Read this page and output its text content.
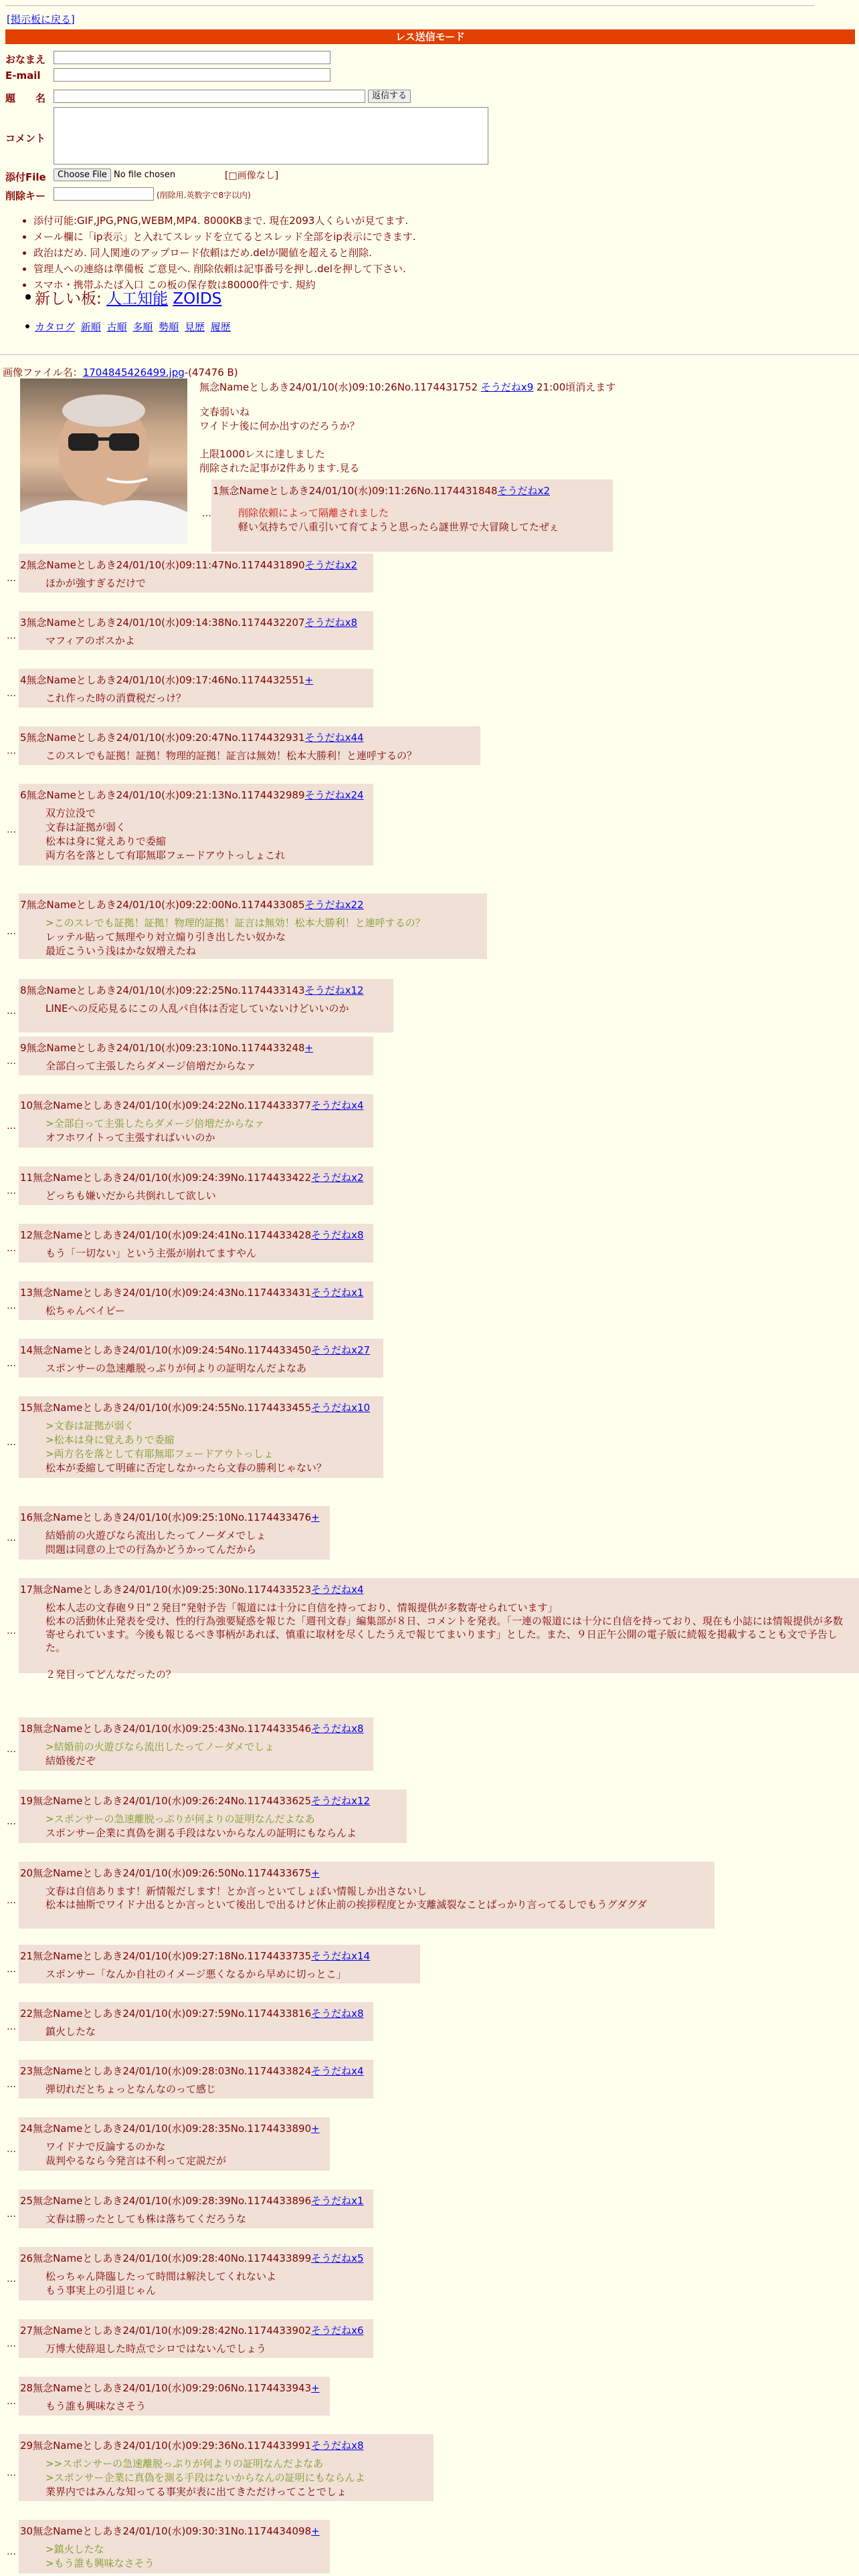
[掲示板に戻る]
レス送信モード
おなまえ
E-mail
題　　名	返信する
コメント
添付File	Choose File No file chosen	[□画像なし]
削除キー	(削除用.英数字で8字以内)
• 添付可能:GIF,JPG,PNG,WEBM,MP4. 8000KBまで. 現在2093人くらいが見てます.
• メール欄に「ip表示」と入れてスレッドを立てるとスレッド全部をip表示にできます.
• 政治はだめ. 同人関連のアップロード依頼はだめ.delが閾値を超えると削除.
• 管理人への連絡は準備板 ご意見へ. 削除依頼は記事番号を押し.delを押して下さい.
• スマホ・携帯ふたば入口 この板の保存数は80000件です. 規約
新しい板: 人工知能 ZOIDS
カタログ 新順 古順 多順 勢順 見歴 履歴
画像ファイル名：1704845426499.jpg-(47476 B)
無念Nameとしあき24/01/10(水)09:10:26No.1174431752 そうだねx9 21:00頃消えます
文春弱いね
ワイドナ後に何か出すのだろうか？
上限1000レスに達しました
削除された記事が2件あります.見る
…
1無念Nameとしあき24/01/10(水)09:11:26No.1174431848そうだねx2
削除依頼によって隔離されました
軽い気持ちで八重引いて育てようと思ったら謎世界で大冒険してたぜぇ
…
2無念Nameとしあき24/01/10(水)09:11:47No.1174431890そうだねx2
ほかが強すぎるだけで
…
3無念Nameとしあき24/01/10(水)09:14:38No.1174432207そうだねx8
マフィアのボスかよ
…
4無念Nameとしあき24/01/10(水)09:17:46No.1174432551+
これ作った時の消費税だっけ？
…
5無念Nameとしあき24/01/10(水)09:20:47No.1174432931そうだねx44
このスレでも証拠！証拠！物理的証拠！証言は無効！松本大勝利！と連呼するの？
…
6無念Nameとしあき24/01/10(水)09:21:13No.1174432989そうだねx24
双方泣没で
文春は証拠が弱く
松本は身に覚えありで委縮
両方名を落として有耶無耶フェードアウトっしょこれ
…
7無念Nameとしあき24/01/10(水)09:22:00No.1174433085そうだねx22
>このスレでも証拠！証拠！物理的証拠！証言は無効！松本大勝利！と連呼するの？
レッテル貼って無理やり対立煽り引き出したい奴かな
最近こういう浅はかな奴増えたね
…
8無念Nameとしあき24/01/10(水)09:22:25No.1174433143そうだねx12
LINEへの反応見るにこの人乱パ自体は否定していないけどいいのか
…
9無念Nameとしあき24/01/10(水)09:23:10No.1174433248+
全部白って主張したらダメージ倍増だからなァ
…
10無念Nameとしあき24/01/10(水)09:24:22No.1174433377そうだねx4
>全部白って主張したらダメージ倍増だからなァ
オフホワイトって主張すればいいのか
…
11無念Nameとしあき24/01/10(水)09:24:39No.1174433422そうだねx2
どっちも嫌いだから共倒れして欲しい
…
12無念Nameとしあき24/01/10(水)09:24:41No.1174433428そうだねx8
もう「一切ない」という主張が崩れてますやん
…
13無念Nameとしあき24/01/10(水)09:24:43No.1174433431そうだねx1
松ちゃんベイビー
…
14無念Nameとしあき24/01/10(水)09:24:54No.1174433450そうだねx27
スポンサーの急速離脱っぷりが何よりの証明なんだよなあ
…
15無念Nameとしあき24/01/10(水)09:24:55No.1174433455そうだねx10
>文春は証拠が弱く
>松本は身に覚えありで委縮
>両方名を落として有耶無耶フェードアウトっしょ
松本が委縮して明確に否定しなかったら文春の勝利じゃない？
…
16無念Nameとしあき24/01/10(水)09:25:10No.1174433476+
結婚前の火遊びなら流出したってノーダメでしょ
問題は同意の上での行為かどうかってんだから
…
17無念Nameとしあき24/01/10(水)09:25:30No.1174433523そうだねx4
松本人志の文春砲９日”２発目”発射予告「報道には十分に自信を持っており、情報提供が多数寄せられています」
松本の活動休止発表を受け、性的行為強要疑惑を報じた「週刊文春」編集部が８日、コメントを発表。「一連の報道には十分に自信を持っており、現在も小誌には情報提供が多数寄せられています。今後も報じるべき事柄があれば、慎重に取材を尽くしたうえで報じてまいります」とした。また、９日正午公開の電子版に続報を掲載することも文で予告した。
２発目ってどんなだったの？
…
18無念Nameとしあき24/01/10(水)09:25:43No.1174433546そうだねx8
>結婚前の火遊びなら流出したってノーダメでしょ
結婚後だぞ
…
19無念Nameとしあき24/01/10(水)09:26:24No.1174433625そうだねx12
>スポンサーの急速離脱っぷりが何よりの証明なんだよなあ
スポンサー企業に真偽を測る手段はないからなんの証明にもならんよ
…
20無念Nameとしあき24/01/10(水)09:26:50No.1174433675+
文春は自信あります！新情報だします！とか言っといてしょぼい情報しか出さないし
松本は抽斯でワイドナ出るとか言っといて後出しで出るけど休止前の挨拶程度とか支離滅裂なことばっかり言ってるしでもうグダグダ
…
21無念Nameとしあき24/01/10(水)09:27:18No.1174433735そうだねx14
スポンサー「なんか自社のイメージ悪くなるから早めに切っとこ」
…
22無念Nameとしあき24/01/10(水)09:27:59No.1174433816そうだねx8
鎮火したな
…
23無念Nameとしあき24/01/10(水)09:28:03No.1174433824そうだねx4
弾切れだとちょっとなんなのって感じ
…
24無念Nameとしあき24/01/10(水)09:28:35No.1174433890+
ワイドナで反論するのかな
裁判やるなら今発言は不利って定説だが
…
25無念Nameとしあき24/01/10(水)09:28:39No.1174433896そうだねx1
文春は勝ったとしても株は落ちてくだろうな
…
26無念Nameとしあき24/01/10(水)09:28:40No.1174433899そうだねx5
松っちゃん降臨したって時間は解決してくれないよ
もう事実上の引退じゃん
…
27無念Nameとしあき24/01/10(水)09:28:42No.1174433902そうだねx6
万博大使辞退した時点でシロではないんでしょう
…
28無念Nameとしあき24/01/10(水)09:29:06No.1174433943+
もう誰も興味なさそう
…
29無念Nameとしあき24/01/10(水)09:29:36No.1174433991そうだねx8
>>スポンサーの急速離脱っぷりが何よりの証明なんだよなあ
>スポンサー企業に真偽を測る手段はないからなんの証明にもならんよ
業界内ではみんな知ってる事実が表に出てきただけってことでしょ
…
30無念Nameとしあき24/01/10(水)09:30:31No.1174434098+
>鎮火したな
>もう誰も興味なさそう
